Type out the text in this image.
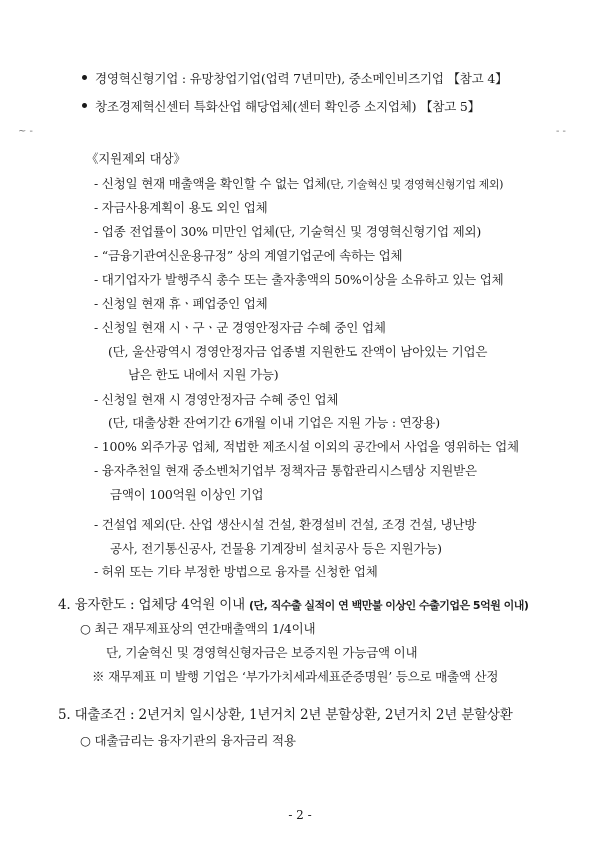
경영혁신형기업 : 유망창업기업(업력 7년미만), 중소메인비즈기업 【참고 4】
창조경제혁신센터 특화산업 해당업체(센터 확인증 소지업체) 【참고 5】
~ -	- -
《지원제외 대상》
- 신청일 현재 매출액을 확인할 수 없는 업체(단, 기술혁신 및 경영혁신형기업 제외)
- 자금사용계획이 용도 외인 업체
- 업종 전업률이 30% 미만인 업체(단, 기술혁신 및 경영혁신형기업 제외)
- “금융기관여신운용규정” 상의 계열기업군에 속하는 업체
- 대기업자가 발행주식 총수 또는 출자총액의 50%이상을 소유하고 있는 업체
- 신청일 현재 휴ㆍ폐업중인 업체
- 신청일 현재 시ㆍ구ㆍ군 경영안정자금 수혜 중인 업체
(단, 울산광역시 경영안정자금 업종별 지원한도 잔액이 남아있는 기업은
남은 한도 내에서 지원 가능)
- 신청일 현재 시 경영안정자금 수혜 중인 업체
(단, 대출상환 잔여기간 6개월 이내 기업은 지원 가능 : 연장용)
- 100% 외주가공 업체, 적법한 제조시설 이외의 공간에서 사업을 영위하는 업체
- 융자추천일 현재 중소벤처기업부 정책자금 통합관리시스템상 지원받은
금액이 100억원 이상인 기업
- 건설업 제외(단. 산업 생산시설 건설, 환경설비 건설, 조경 건설, 냉난방
공사, 전기통신공사, 건물용 기계장비 설치공사 등은 지원가능)
- 허위 또는 기타 부정한 방법으로 융자를 신청한 업체
4. 융자한도 : 업체당 4억원 이내 (단, 직수출 실적이 연 백만불 이상인 수출기업은 5억원 이내)
○ 최근 재무제표상의 연간매출액의 1/4이내
단, 기술혁신 및 경영혁신형자금은 보증지원 가능금액 이내
※ 재무제표 미 발행 기업은 ‘부가가치세과세표준증명원’ 등으로 매출액 산정
5. 대출조건 : 2년거치 일시상환, 1년거치 2년 분할상환, 2년거치 2년 분할상환
○ 대출금리는 융자기관의 융자금리 적용
- 2 -
